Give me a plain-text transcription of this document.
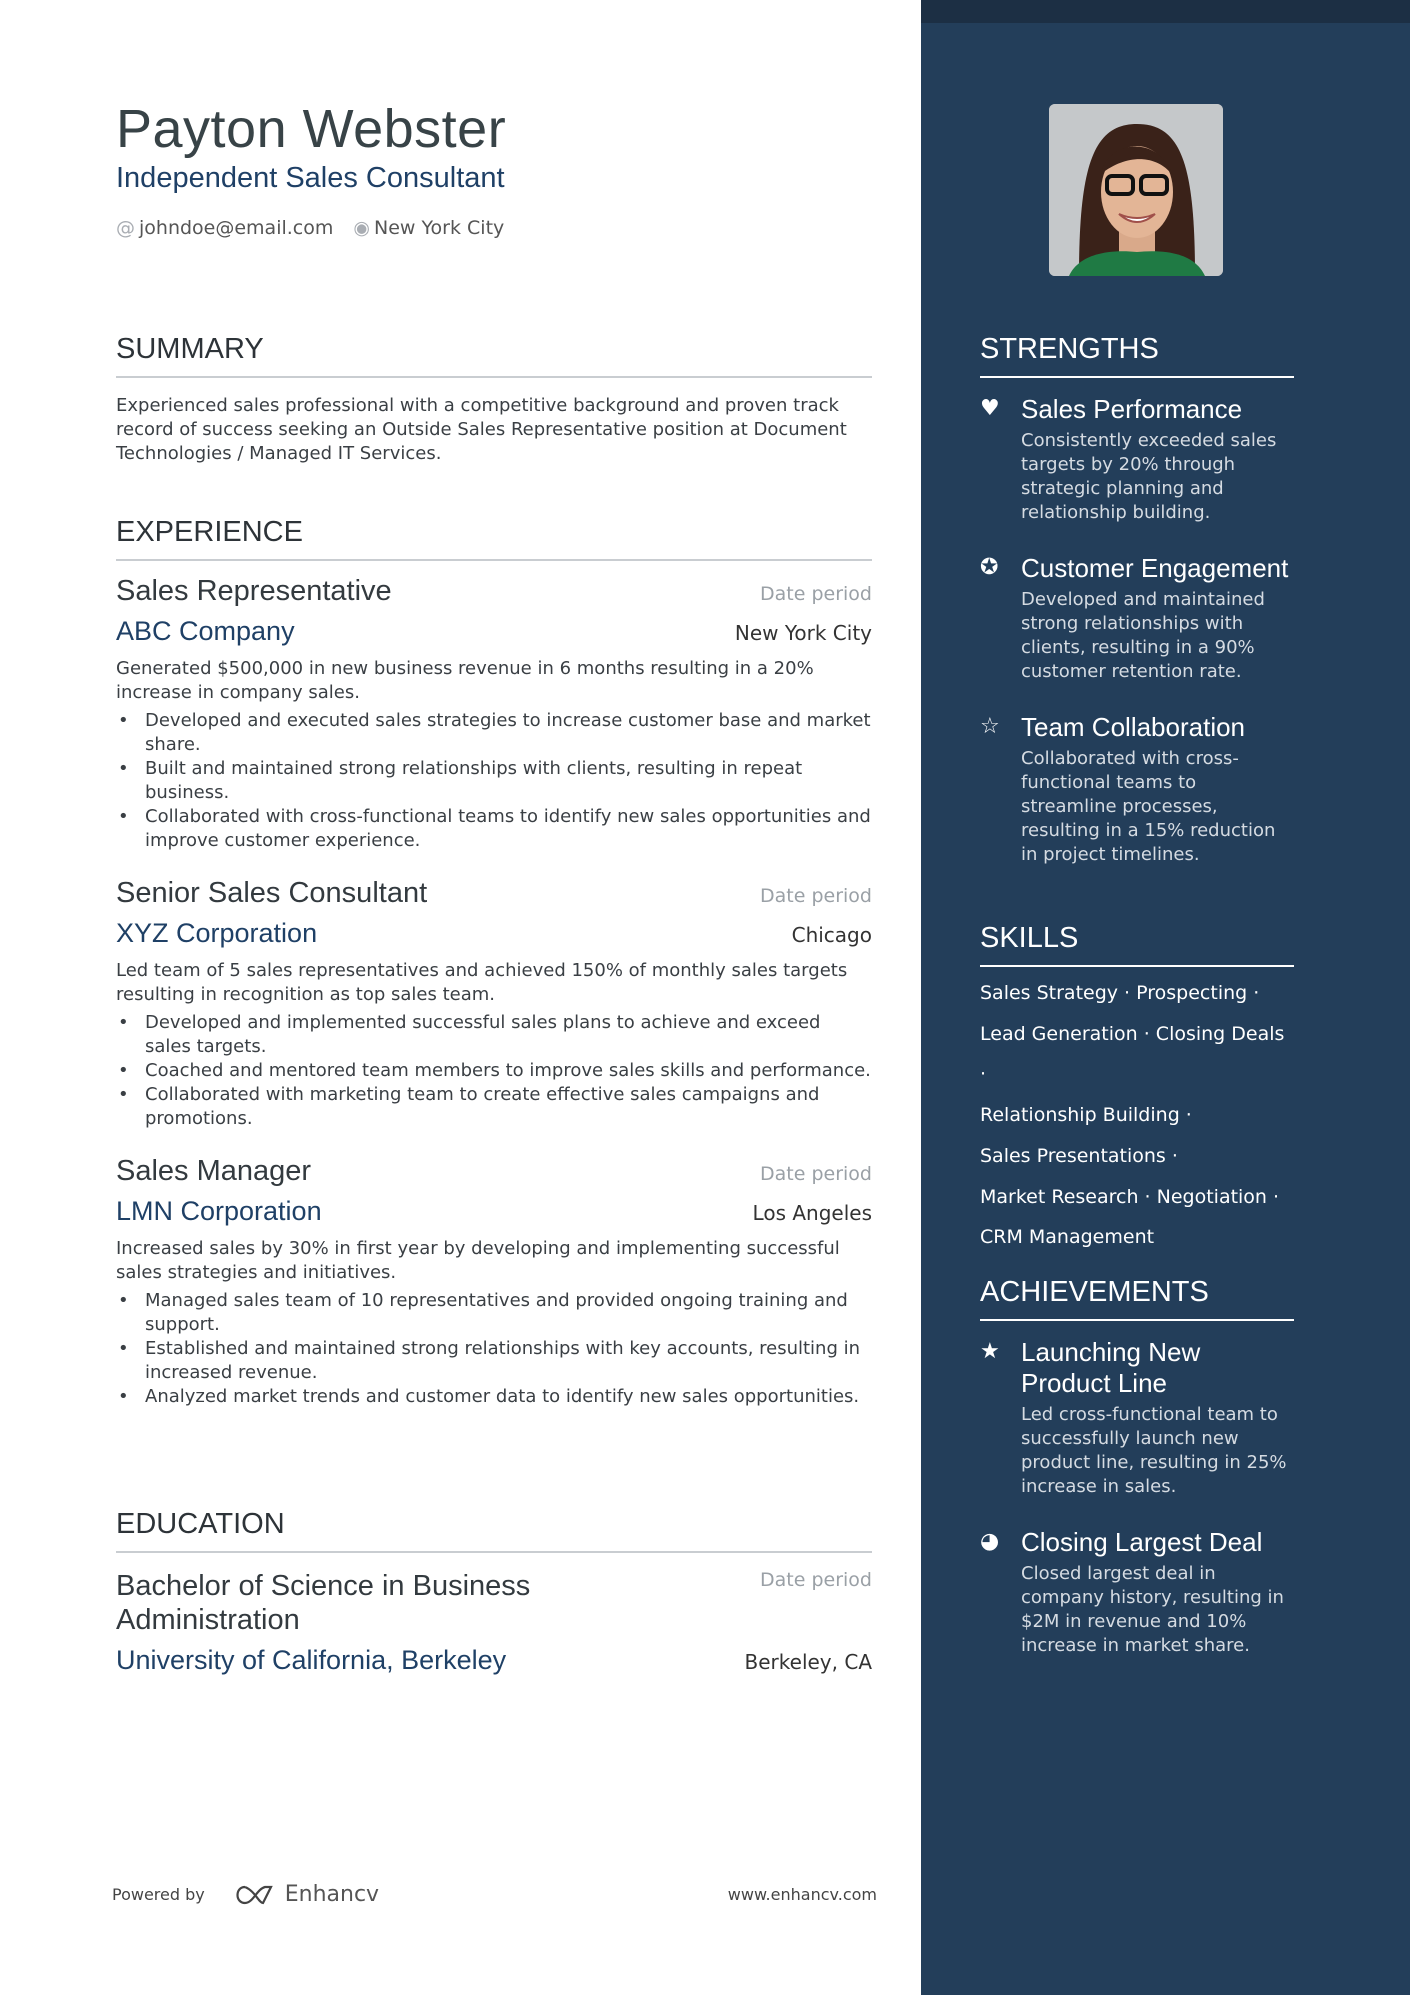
Payton Webster
Independent Sales Consultant
@ johndoe@email.com ◉ New York City
SUMMARY
Experienced sales professional with a competitive background and proven track record of success seeking an Outside Sales Representative position at Document Technologies / Managed IT Services.
EXPERIENCE
Sales Representative	Date period
ABC Company	New York City
Generated $500,000 in new business revenue in 6 months resulting in a 20% increase in company sales.
• Developed and executed sales strategies to increase customer base and market share.
• Built and maintained strong relationships with clients, resulting in repeat business.
• Collaborated with cross-functional teams to identify new sales opportunities and improve customer experience.
Senior Sales Consultant	Date period
XYZ Corporation	Chicago
Led team of 5 sales representatives and achieved 150% of monthly sales targets resulting in recognition as top sales team.
• Developed and implemented successful sales plans to achieve and exceed sales targets.
• Coached and mentored team members to improve sales skills and performance.
• Collaborated with marketing team to create effective sales campaigns and promotions.
Sales Manager	Date period
LMN Corporation	Los Angeles
Increased sales by 30% in first year by developing and implementing successful sales strategies and initiatives.
• Managed sales team of 10 representatives and provided ongoing training and support.
• Established and maintained strong relationships with key accounts, resulting in increased revenue.
• Analyzed market trends and customer data to identify new sales opportunities.
EDUCATION
Bachelor of Science in Business Administration
Date period
University of California, Berkeley	Berkeley, CA
Powered by	Enhancv	www.enhancv.com
STRENGTHS
♥ Sales Performance
Consistently exceeded sales targets by 20% through strategic planning and relationship building.
✪ Customer Engagement
Developed and maintained strong relationships with clients, resulting in a 90% customer retention rate.
☆ Team Collaboration
Collaborated with cross-functional teams to streamline processes, resulting in a 15% reduction in project timelines.
SKILLS
Sales Strategy · Prospecting ·
Lead Generation · Closing Deals ·
Relationship Building ·
Sales Presentations ·
Market Research · Negotiation ·
CRM Management
ACHIEVEMENTS
★ Launching New Product Line
Led cross-functional team to successfully launch new product line, resulting in 25% increase in sales.
◕ Closing Largest Deal
Closed largest deal in company history, resulting in $2M in revenue and 10% increase in market share.
